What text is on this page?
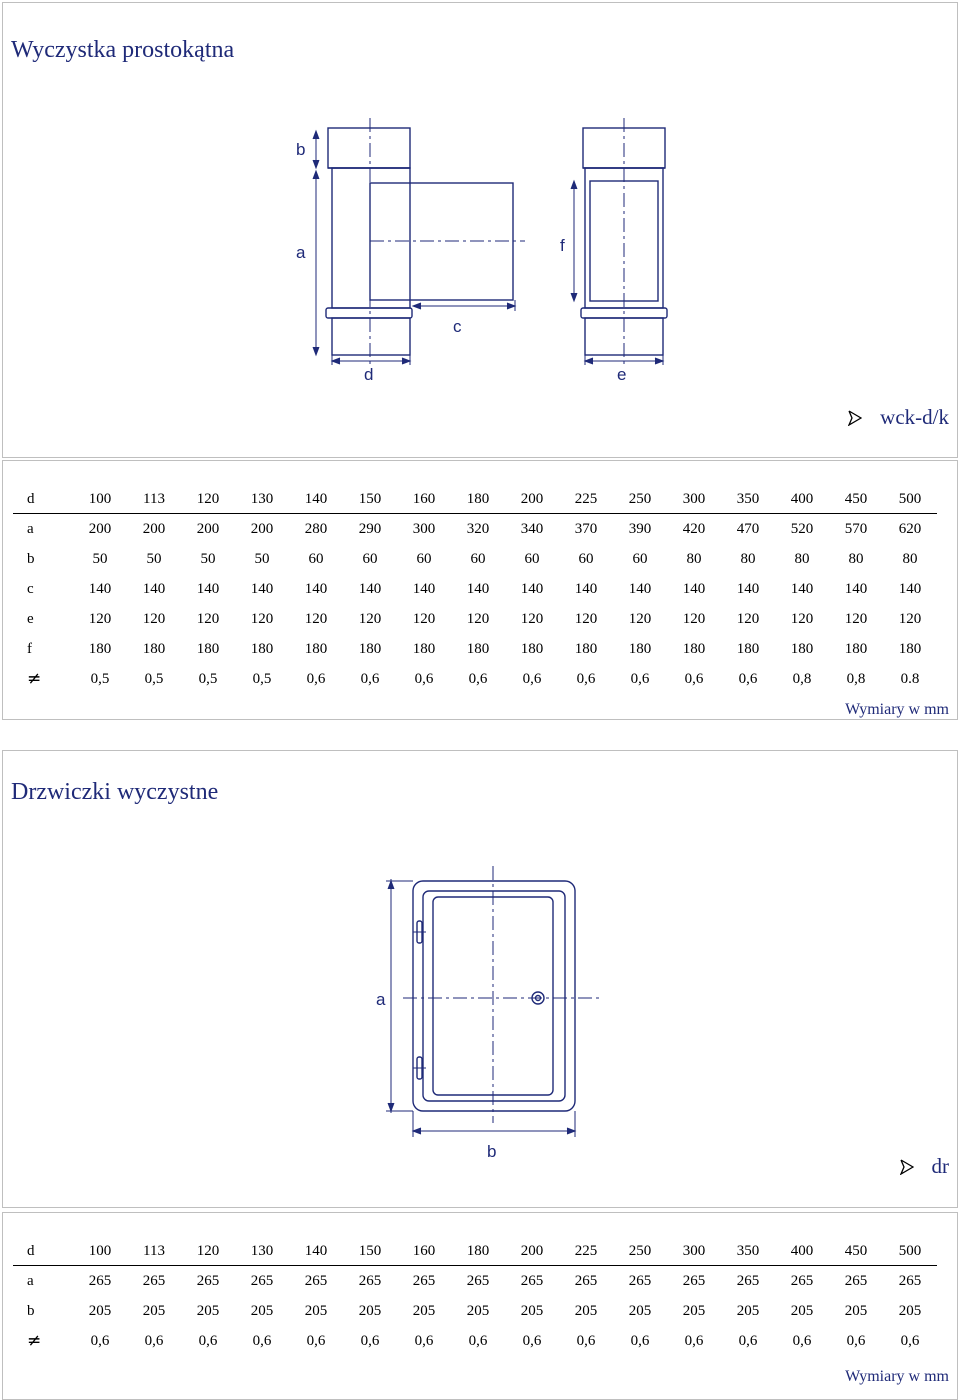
Wyczystka prostokątna
b
a
c
d
f
e
wck-d/k
d	100	113	120	130	140	150	160	180	200	225	250	300	350	400	450	500
a	200	200	200	200	280	290	300	320	340	370	390	420	470	520	570	620
b	50	50	50	50	60	60	60	60	60	60	60	80	80	80	80	80
c	140	140	140	140	140	140	140	140	140	140	140	140	140	140	140	140
e	120	120	120	120	120	120	120	120	120	120	120	120	120	120	120	120
f	180	180	180	180	180	180	180	180	180	180	180	180	180	180	180	180
≠	0,5	0,5	0,5	0,5	0,6	0,6	0,6	0,6	0,6	0,6	0,6	0,6	0,6	0,8	0,8	0.8
Wymiary w mm
Drzwiczki wyczystne
a
b
dr
d	100	113	120	130	140	150	160	180	200	225	250	300	350	400	450	500
a	265	265	265	265	265	265	265	265	265	265	265	265	265	265	265	265
b	205	205	205	205	205	205	205	205	205	205	205	205	205	205	205	205
≠	0,6	0,6	0,6	0,6	0,6	0,6	0,6	0,6	0,6	0,6	0,6	0,6	0,6	0,6	0,6	0,6
Wymiary w mm
